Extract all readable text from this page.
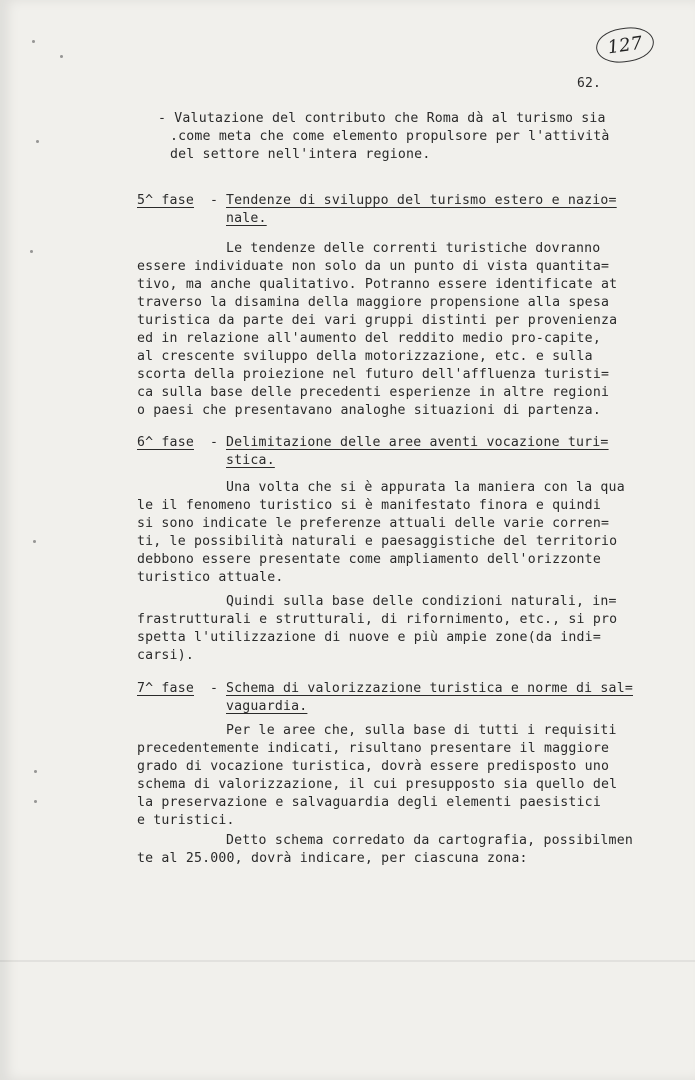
127
62.
- Valutazione del contributo che Roma dà al turismo sia
.come meta che come elemento propulsore per l'attività
del settore nell'intera regione.
5^ fase - Tendenze di sviluppo del turismo estero e nazio=
nale.
Le tendenze delle correnti turistiche dovranno
essere individuate non solo da un punto di vista quantita=
tivo, ma anche qualitativo. Potranno essere identificate at
traverso la disamina della maggiore propensione alla spesa
turistica da parte dei vari gruppi distinti per provenienza
ed in relazione all'aumento del reddito medio pro-capite,
al crescente sviluppo della motorizzazione, etc. e sulla
scorta della proiezione nel futuro dell'affluenza turisti=
ca sulla base delle precedenti esperienze in altre regioni
o paesi che presentavano analoghe situazioni di partenza.
6^ fase - Delimitazione delle aree aventi vocazione turi=
stica.
Una volta che si è appurata la maniera con la qua
le il fenomeno turistico si è manifestato finora e quindi
si sono indicate le preferenze attuali delle varie corren=
ti, le possibilità naturali e paesaggistiche del territorio
debbono essere presentate come ampliamento dell'orizzonte
turistico attuale.
Quindi sulla base delle condizioni naturali, in=
frastrutturali e strutturali, di rifornimento, etc., si pro
spetta l'utilizzazione di nuove e più ampie zone(da indi=
carsi).
7^ fase - Schema di valorizzazione turistica e norme di sal=
vaguardia.
Per le aree che, sulla base di tutti i requisiti
precedentemente indicati, risultano presentare il maggiore
grado di vocazione turistica, dovrà essere predisposto uno
schema di valorizzazione, il cui presupposto sia quello del
la preservazione e salvaguardia degli elementi paesistici
e turistici.
Detto schema corredato da cartografia, possibilmen
te al 25.000, dovrà indicare, per ciascuna zona:
